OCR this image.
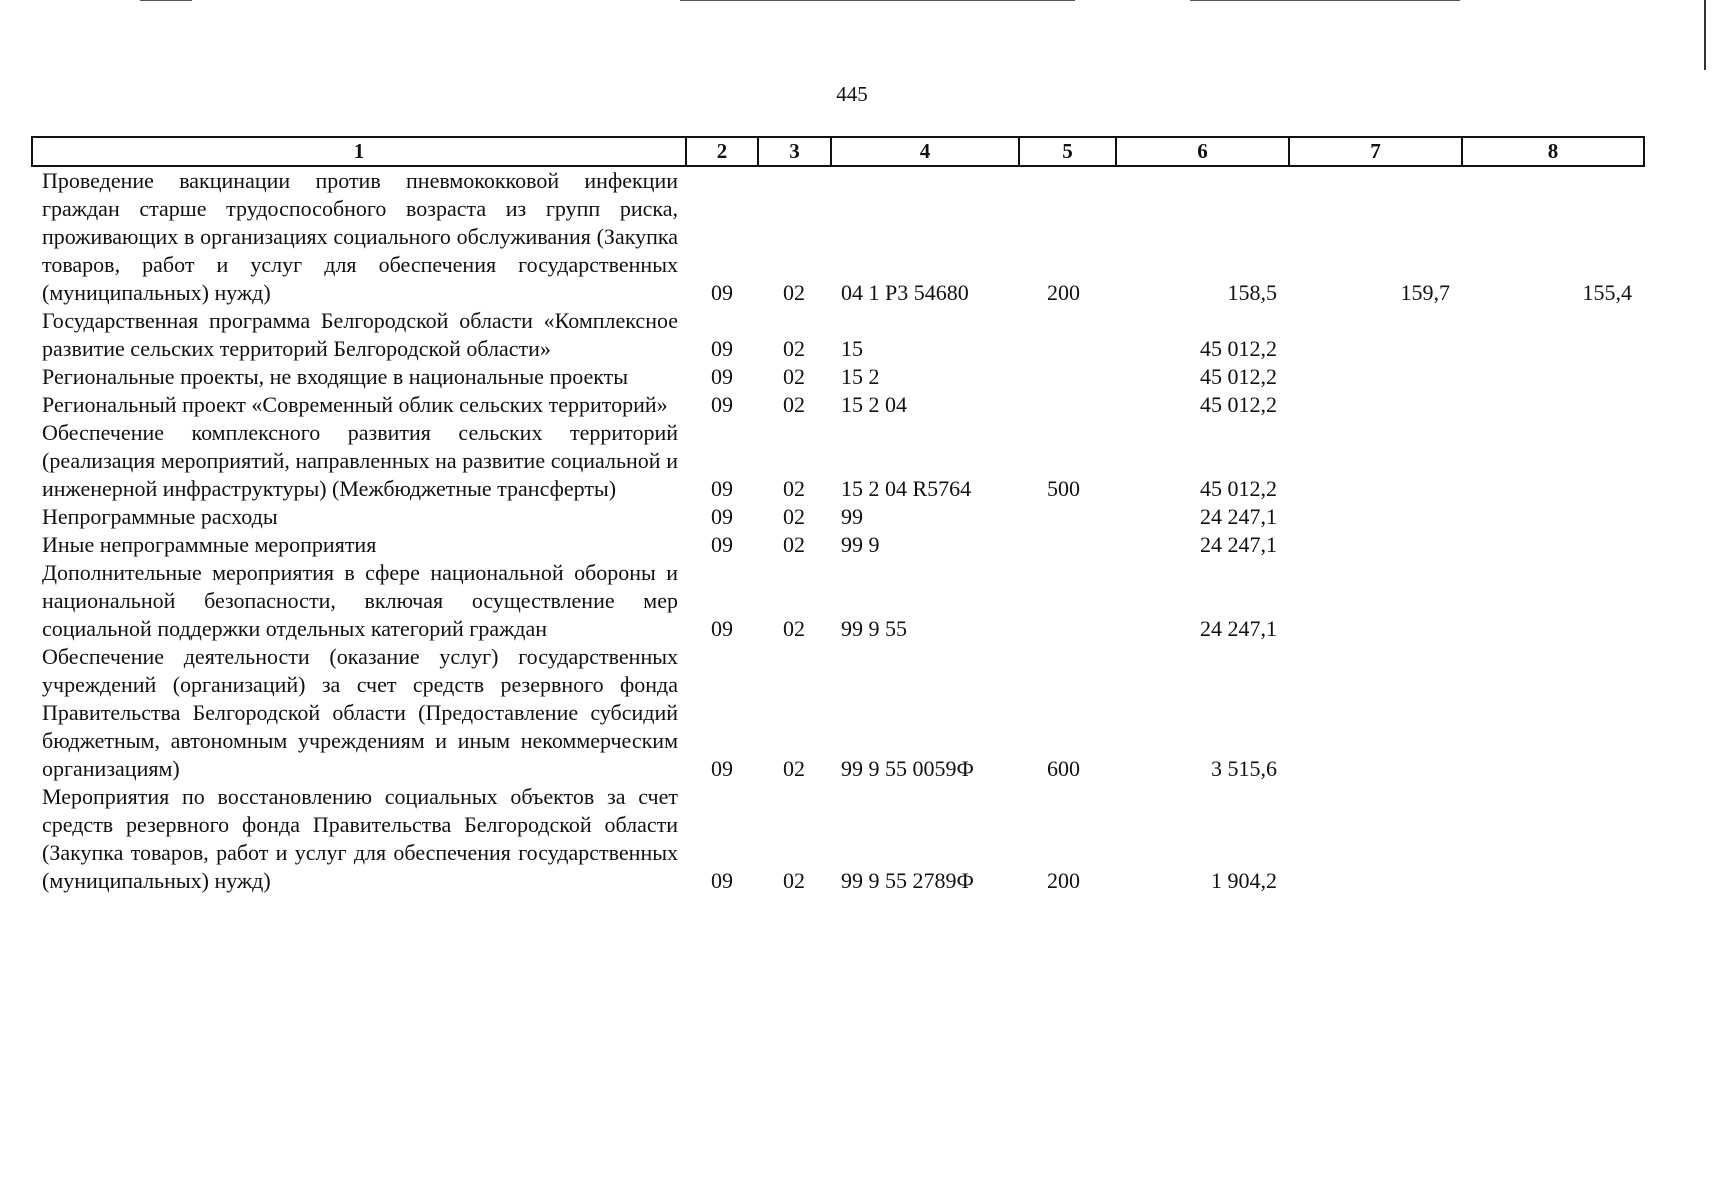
445
1	2	3	4	5	6	7	8
Проведение вакцинации против пневмококковой инфекции граждан старше трудоспособного возраста из групп риска, проживающих в организациях социального обслуживания (Закупка товаров, работ и услуг для обеспечения государственных (муниципальных) нужд)	09	02	04 1 P3 54680	200	158,5	159,7	155,4
Государственная программа Белгородской области «Комплексное развитие сельских территорий Белгородской области»	09	02	15		45 012,2		
Региональные проекты, не входящие в национальные проекты	09	02	15 2		45 012,2		
Региональный проект «Современный облик сельских территорий»	09	02	15 2 04		45 012,2		
Обеспечение комплексного развития сельских территорий (реализация мероприятий, направленных на развитие социальной и инженерной инфраструктуры) (Межбюджетные трансферты)	09	02	15 2 04 R5764	500	45 012,2		
Непрограммные расходы	09	02	99		24 247,1		
Иные непрограммные мероприятия	09	02	99 9		24 247,1		
Дополнительные мероприятия в сфере национальной обороны и национальной безопасности, включая осуществление мер социальной поддержки отдельных категорий граждан	09	02	99 9 55		24 247,1		
Обеспечение деятельности (оказание услуг) государственных учреждений (организаций) за счет средств резервного фонда Правительства Белгородской области (Предоставление субсидий бюджетным, автономным учреждениям и иным некоммерческим организациям)	09	02	99 9 55 0059Ф	600	3 515,6		
Мероприятия по восстановлению социальных объектов за счет средств резервного фонда Правительства Белгородской области (Закупка товаров, работ и услуг для обеспечения государственных (муниципальных) нужд)	09	02	99 9 55 2789Ф	200	1 904,2		
